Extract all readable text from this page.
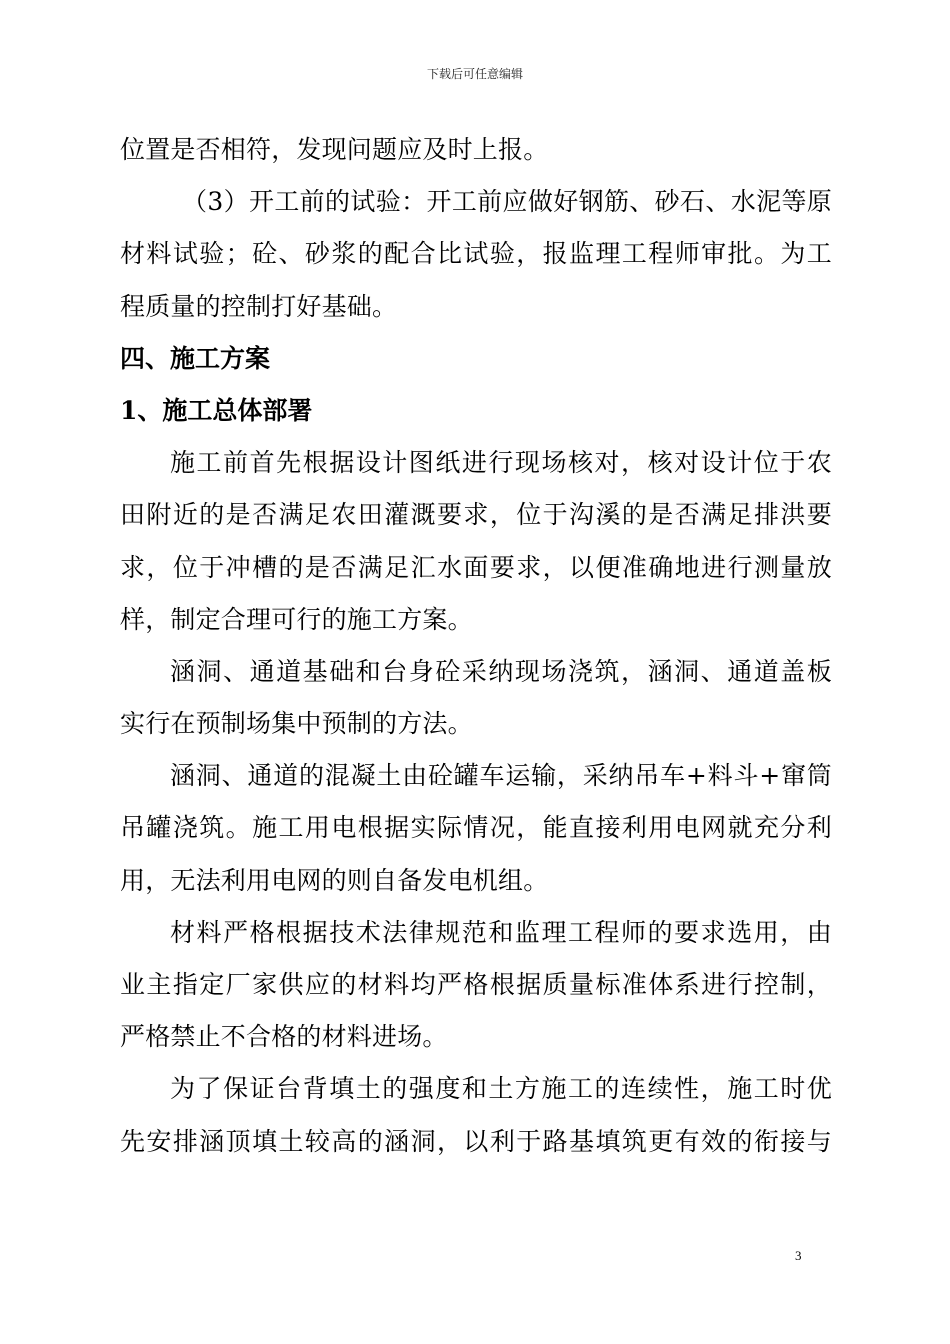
下载后可任意编辑
位置是否相符，发现问题应及时上报。
（3）开工前的试验：开工前应做好钢筋、砂石、水泥等原
材料试验；砼、砂浆的配合比试验，报监理工程师审批。为工
程质量的控制打好基础。
四、施工方案
1、施工总体部署
施工前首先根据设计图纸进行现场核对，核对设计位于农
田附近的是否满足农田灌溉要求，位于沟溪的是否满足排洪要
求，位于冲槽的是否满足汇水面要求，以便准确地进行测量放
样，制定合理可行的施工方案。
涵洞、通道基础和台身砼采纳现场浇筑，涵洞、通道盖板
实行在预制场集中预制的方法。
涵洞、通道的混凝土由砼罐车运输，采纳吊车+料斗+窜筒
吊罐浇筑。施工用电根据实际情况，能直接利用电网就充分利
用，无法利用电网的则自备发电机组。
材料严格根据技术法律规范和监理工程师的要求选用，由
业主指定厂家供应的材料均严格根据质量标准体系进行控制，
严格禁止不合格的材料进场。
为了保证台背填土的强度和土方施工的连续性，施工时优
先安排涵顶填土较高的涵洞，以利于路基填筑更有效的衔接与
3
